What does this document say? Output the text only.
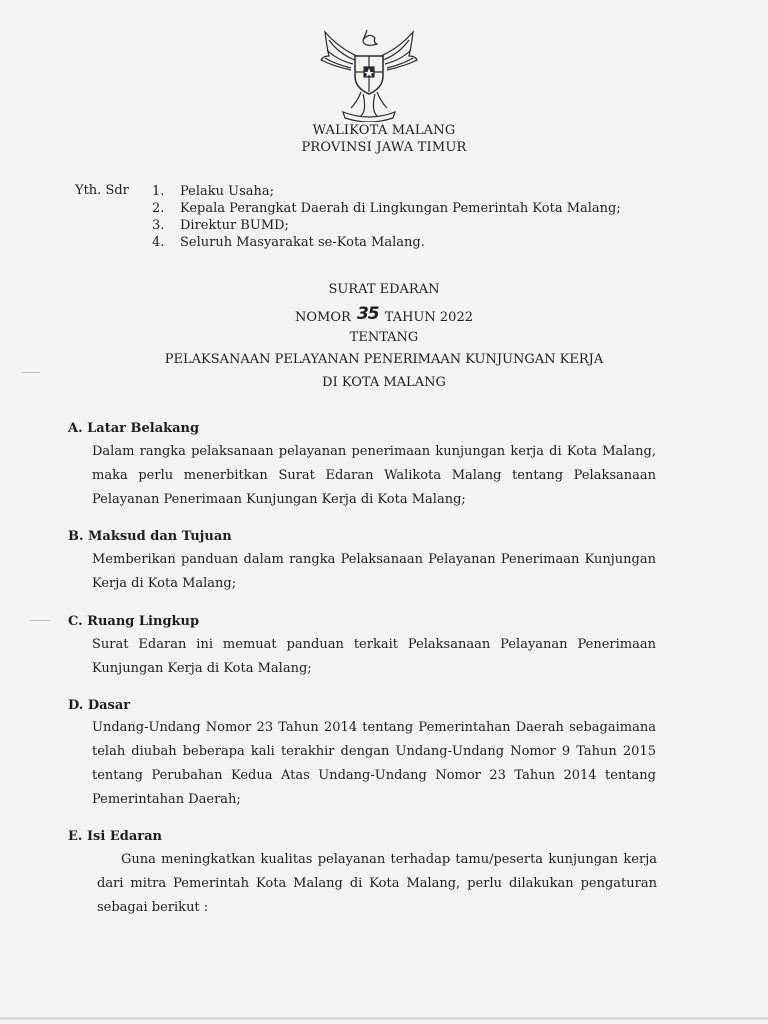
WALIKOTA MALANG
PROVINSI JAWA TIMUR
Yth. Sdr 1. Pelaku Usaha;
2. Kepala Perangkat Daerah di Lingkungan Pemerintah Kota Malang;
3. Direktur BUMD;
4. Seluruh Masyarakat se-Kota Malang.
SURAT EDARAN
NOMOR 35 TAHUN 2022
TENTANG
PELAKSANAAN PELAYANAN PENERIMAAN KUNJUNGAN KERJA
DI KOTA MALANG
A. Latar Belakang

Dalam rangka pelaksanaan pelayanan penerimaan kunjungan kerja di Kota Malang, maka perlu menerbitkan Surat Edaran Walikota Malang tentang Pelaksanaan Pelayanan Penerimaan Kunjungan Kerja di Kota Malang;

B. Maksud dan Tujuan

Memberikan panduan dalam rangka Pelaksanaan Pelayanan Penerimaan Kunjungan Kerja di Kota Malang;

C. Ruang Lingkup

Surat Edaran ini memuat panduan terkait Pelaksanaan Pelayanan Penerimaan Kunjungan Kerja di Kota Malang;

D. Dasar

Undang-Undang Nomor 23 Tahun 2014 tentang Pemerintahan Daerah sebagaimana telah diubah beberapa kali terakhir dengan Undang-Undang Nomor 9 Tahun 2015 tentang Perubahan Kedua Atas Undang-Undang Nomor 23 Tahun 2014 tentang Pemerintahan Daerah;

E. Isi Edaran

Guna meningkatkan kualitas pelayanan terhadap tamu/peserta kunjungan kerja dari mitra Pemerintah Kota Malang di Kota Malang, perlu dilakukan pengaturan sebagai berikut :
